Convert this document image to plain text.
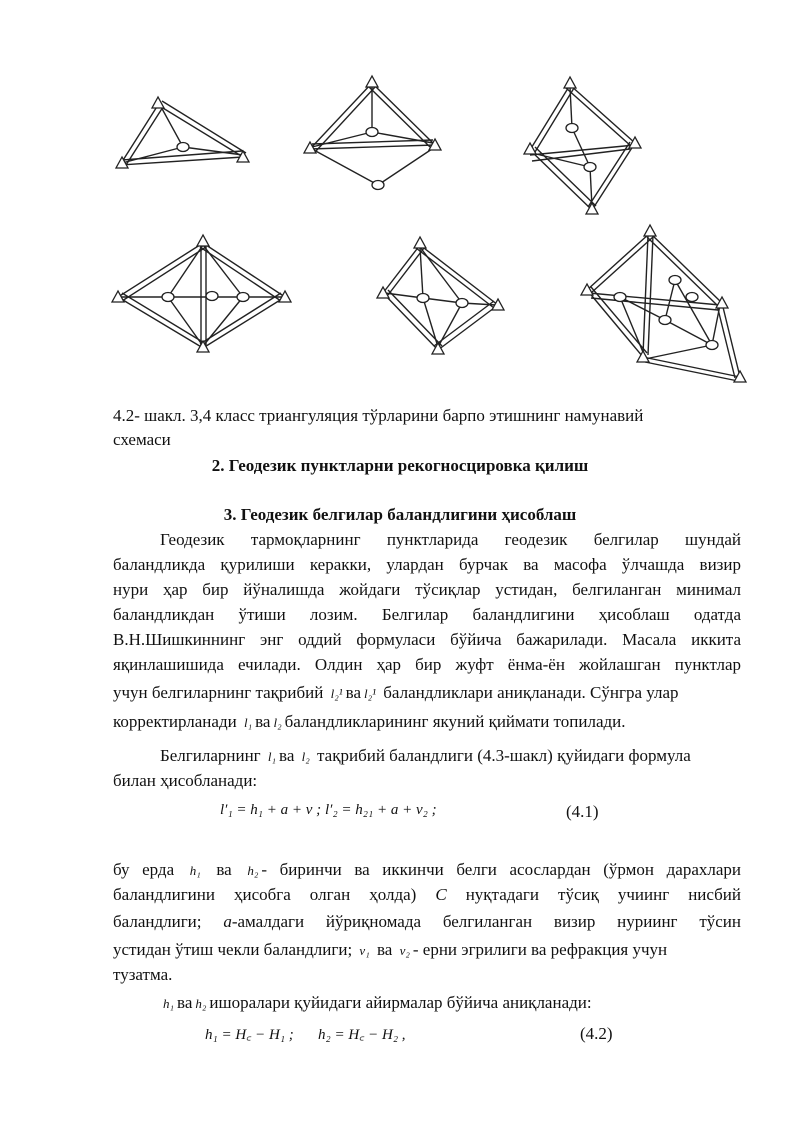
4.2- шакл. 3,4 класс триангуляция тўрларини барпо этишнинг намунавий
схемаси
2. Геодезик пунктларни рекогносцировка қилиш
3. Геодезик белгилар баландлигини ҳисоблаш
Геодезик тармоқларнинг пунктларида геодезик белгилар шундай
баландликда қурилиши керакки, улардан бурчак ва масофа ўлчашда визир
нури ҳар бир йўналишда жойдаги тўсиқлар устидан, белгиланган минимал
баландликдан ўтиши лозим. Белгилар баландлигини ҳисоблаш одатда
В.Н.Шишкиннинг энг оддий формуласи бўйича бажарилади. Масала иккита
яқинлашишида ечилади. Олдин ҳар бир жуфт ёнма-ён жойлашган пунктлар
учун белгиларнинг тақрибий l₂¹ ва l₂¹ баландликлари аниқланади. Сўнгра улар
корректирланади l₁ ва l₂ баландликларининг якуний қиймати топилади.
Белгиларнинг l₁ ва l₂ тақрибий баландлиги (4.3-шакл) қуйидаги формула
билан ҳисобланади:
l′₁ = h₁ + a + v ; l′₂ = h₂₁ + a + v₂ ;	(4.1)
бу ерда h₁ ва h₂ - биринчи ва иккинчи белги асослардан (ўрмон дарахлари
баландлигини ҳисобга олган ҳолда) C нуқтадаги тўсиқ учиинг нисбий
баландлиги; a-амалдаги йўриқномада белгиланган визир нуриинг тўсин
устидан ўтиш чекли баландлиги; v₁ ва v₂ - ерни эгрилиги ва рефракция учун
тузатма.
h₁ ва h₂ ишоралари қуйидаги айирмалар бўйича аниқланади:
h₁ = H꜀ − H₁ ; h₂ = H꜀ − H₂ ,	(4.2)
